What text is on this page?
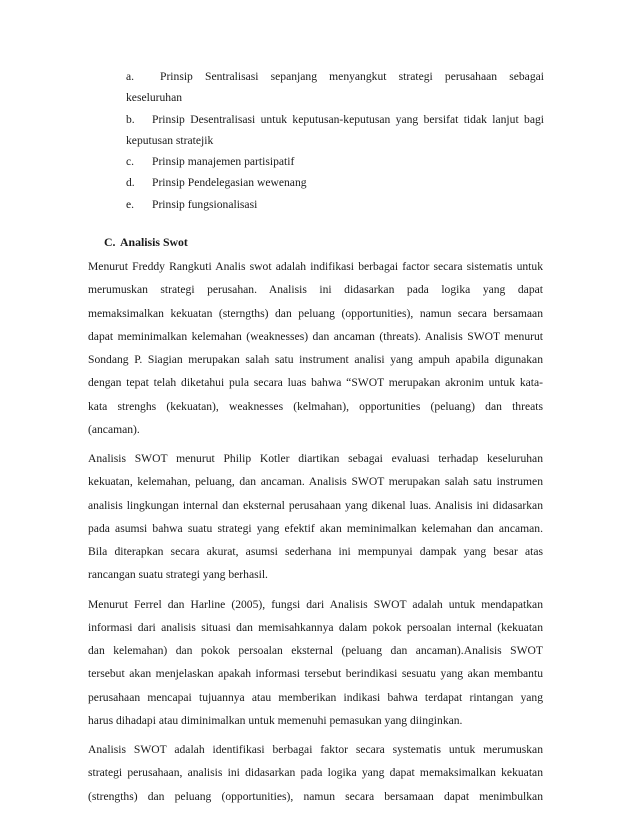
a.	Prinsip Sentralisasi sepanjang menyangkut strategi perusahaan sebagai
keseluruhan
b.	Prinsip Desentralisasi untuk keputusan-keputusan yang bersifat tidak lanjut bagi
keputusan stratejik
c.	Prinsip manajemen partisipatif
d.	Prinsip Pendelegasian wewenang
e.	Prinsip fungsionalisasi
C. Analisis Swot
Menurut Freddy Rangkuti Analis swot adalah indifikasi berbagai factor secara sistematis untuk
merumuskan strategi perusahan. Analisis ini didasarkan pada logika yang dapat
memaksimalkan kekuatan (sterngths) dan peluang (opportunities), namun secara bersamaan
dapat meminimalkan kelemahan (weaknesses) dan ancaman (threats). Analisis SWOT menurut
Sondang P. Siagian merupakan salah satu instrument analisi yang ampuh apabila digunakan
dengan tepat telah diketahui pula secara luas bahwa “SWOT merupakan akronim untuk kata-
kata strenghs (kekuatan), weaknesses (kelmahan), opportunities (peluang) dan threats
(ancaman).
Analisis SWOT menurut Philip Kotler diartikan sebagai evaluasi terhadap keseluruhan
kekuatan, kelemahan, peluang, dan ancaman. Analisis SWOT merupakan salah satu instrumen
analisis lingkungan internal dan eksternal perusahaan yang dikenal luas. Analisis ini didasarkan
pada asumsi bahwa suatu strategi yang efektif akan meminimalkan kelemahan dan ancaman.
Bila diterapkan secara akurat, asumsi sederhana ini mempunyai dampak yang besar atas
rancangan suatu strategi yang berhasil.
Menurut Ferrel dan Harline (2005), fungsi dari Analisis SWOT adalah untuk mendapatkan
informasi dari analisis situasi dan memisahkannya dalam pokok persoalan internal (kekuatan
dan kelemahan) dan pokok persoalan eksternal (peluang dan ancaman).Analisis SWOT
tersebut akan menjelaskan apakah informasi tersebut berindikasi sesuatu yang akan membantu
perusahaan mencapai tujuannya atau memberikan indikasi bahwa terdapat rintangan yang
harus dihadapi atau diminimalkan untuk memenuhi pemasukan yang diinginkan.
Analisis SWOT adalah identifikasi berbagai faktor secara systematis untuk merumuskan
strategi perusahaan, analisis ini didasarkan pada logika yang dapat memaksimalkan kekuatan
(strengths) dan peluang (opportunities), namun secara bersamaan dapat menimbulkan
